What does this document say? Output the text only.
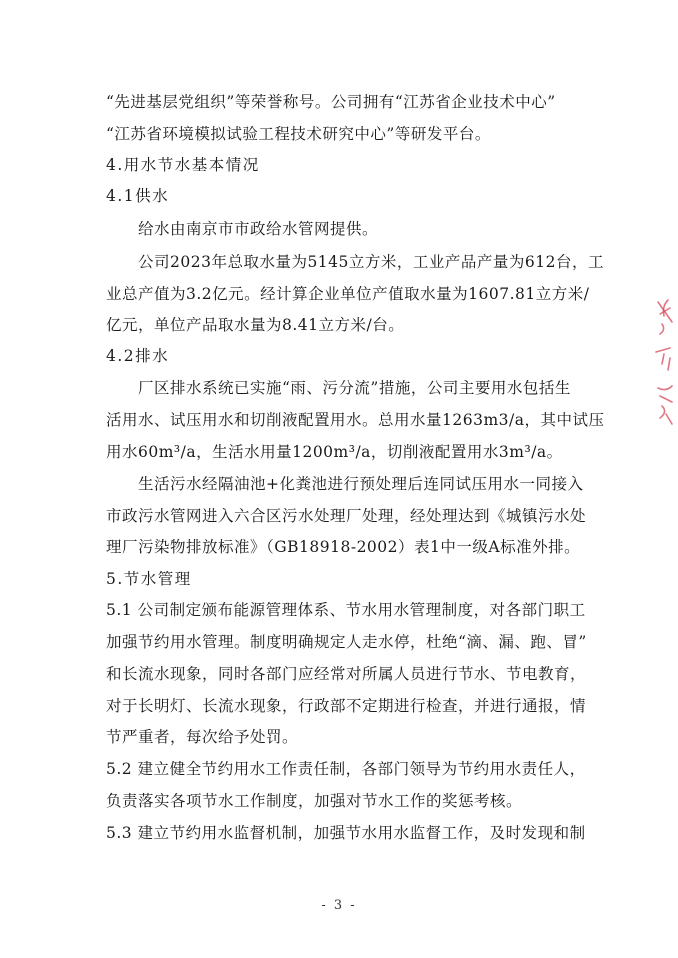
“先进基层党组织”等荣誉称号。公司拥有“江苏省企业技术中心”
“江苏省环境模拟试验工程技术研究中心”等研发平台。
4.用水节水基本情况
4.1供水
给水由南京市市政给水管网提供。
公司2023年总取水量为5145立方米，工业产品产量为612台，工
业总产值为3.2亿元。经计算企业单位产值取水量为1607.81立方米/
亿元，单位产品取水量为8.41立方米/台。
4.2排水
厂区排水系统已实施“雨、污分流”措施，公司主要用水包括生
活用水、试压用水和切削液配置用水。总用水量1263m3/a，其中试压
用水60m³/a，生活水用量1200m³/a，切削液配置用水3m³/a。
生活污水经隔油池+化粪池进行预处理后连同试压用水一同接入
市政污水管网进入六合区污水处理厂处理，经处理达到《城镇污水处
理厂污染物排放标准》（GB18918-2002）表1中一级A标准外排。
5.节水管理
5.1 公司制定颁布能源管理体系、节水用水管理制度，对各部门职工
加强节约用水管理。制度明确规定人走水停，杜绝“滴、漏、跑、冒”
和长流水现象，同时各部门应经常对所属人员进行节水、节电教育，
对于长明灯、长流水现象，行政部不定期进行检查，并进行通报，情
节严重者，每次给予处罚。
5.2 建立健全节约用水工作责任制，各部门领导为节约用水责任人，
负责落实各项节水工作制度，加强对节水工作的奖惩考核。
5.3 建立节约用水监督机制，加强节水用水监督工作，及时发现和制
- 3 -
